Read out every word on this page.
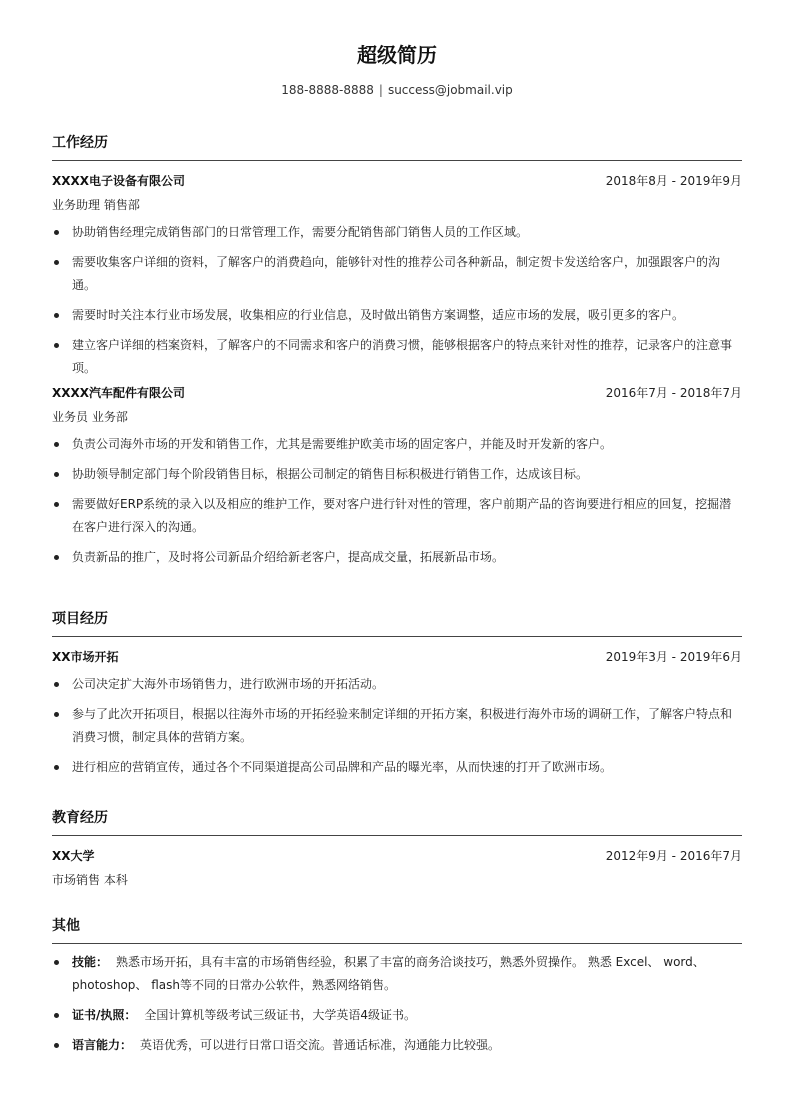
超级简历
188-8888-8888 | success@jobmail.vip
工作经历
XXXX电子设备有限公司	2018年8月 - 2019年9月
业务助理 销售部
协助销售经理完成销售部门的日常管理工作，需要分配销售部门销售人员的工作区域。
需要收集客户详细的资料，了解客户的消费趋向，能够针对性的推荐公司各种新品，制定贺卡发送给客户，加强跟客户的沟通。
需要时时关注本行业市场发展，收集相应的行业信息，及时做出销售方案调整，适应市场的发展，吸引更多的客户。
建立客户详细的档案资料，了解客户的不同需求和客户的消费习惯，能够根据客户的特点来针对性的推荐，记录客户的注意事项。
XXXX汽车配件有限公司	2016年7月 - 2018年7月
业务员 业务部
负责公司海外市场的开发和销售工作，尤其是需要维护欧美市场的固定客户，并能及时开发新的客户。
协助领导制定部门每个阶段销售目标，根据公司制定的销售目标积极进行销售工作，达成该目标。
需要做好ERP系统的录入以及相应的维护工作，要对客户进行针对性的管理，客户前期产品的咨询要进行相应的回复，挖掘潜在客户进行深入的沟通。
负责新品的推广，及时将公司新品介绍给新老客户，提高成交量，拓展新品市场。
项目经历
XX市场开拓	2019年3月 - 2019年6月
公司决定扩大海外市场销售力，进行欧洲市场的开拓活动。
参与了此次开拓项目，根据以往海外市场的开拓经验来制定详细的开拓方案，积极进行海外市场的调研工作，了解客户特点和消费习惯，制定具体的营销方案。
进行相应的营销宣传，通过各个不同渠道提高公司品牌和产品的曝光率，从而快速的打开了欧洲市场。
教育经历
XX大学	2012年9月 - 2016年7月
市场销售 本科
其他
技能： 熟悉市场开拓，具有丰富的市场销售经验，积累了丰富的商务洽谈技巧，熟悉外贸操作。 熟悉 Excel、 word、 photoshop、 flash等不同的日常办公软件，熟悉网络销售。
证书/执照： 全国计算机等级考试三级证书，大学英语4级证书。
语言能力： 英语优秀，可以进行日常口语交流。普通话标准，沟通能力比较强。
